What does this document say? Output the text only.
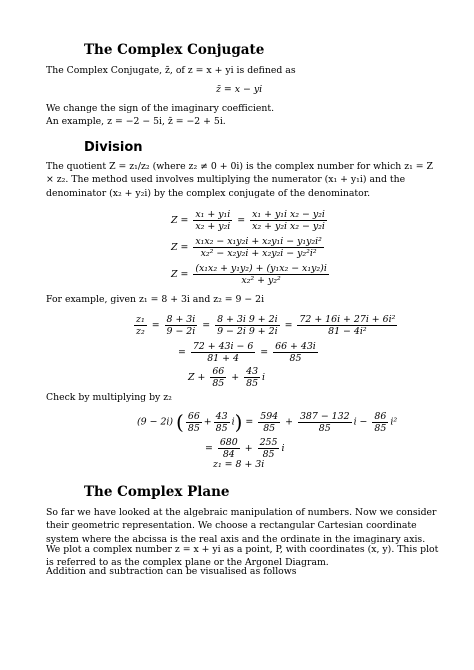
The Complex Conjugate
The Complex Conjugate, z̄, of z = x + yi is defined as
z̄ = x − yi
We change the sign of the imaginary coefficient.
An example, z = −2 − 5i, z̄ = −2 + 5i.
Division
The quotient Z = z₁/z₂ (where z₂ ≠ 0 + 0i) is the complex number for which z₁ = Z × z₂. The method used involves multiplying the numerator (x₁ + y₁i) and the denominator (x₂ + y₂i) by the complex conjugate of the denominator.
$Z = \frac{\text{x₁ + y₁i}}{\text{x₂ + y₂i}} = \frac{\text{x₁ + y₁i x₂ − y₂i}}{\text{x₂ + y₂i x₂ − y₂i}}$
$Z = \frac{\text{x₁x₂ − x₁y₂i + x₂y₁i − y₁y₂i²}}{\text{x₂² − x₂y₂i + x₂y₂i − y₂²i²}}$
$Z = \frac{\text{(x₁x₂ + y₁y₂) + (y₁x₂ − x₁y₂)i}}{\text{x₂² + y₂²}}$
For example, given z₁ = 8 + 3i and z₂ = 9 − 2i
$\frac{\text{z₁}}{\text{z₂}} = \frac{8 + 3i}{9 - 2i} = \frac{8 + 3i 9 + 2i}{9 - 2i 9 + 2i} = \frac{\text{72 + 16i + 27i + 6i²}}{\text{81 − 4i²}}$
= $\frac{72 + 43i - 6}{81 + 4} = \frac{66 + 43i}{85}$
$Z + \frac{66}{85} + \frac{43}{85}$ i
Check by multiplying by z₂
(9 − 2i) ( $\frac{66}{85} + \frac{43}{85} i) = \frac{594}{85} + \frac{387 - 132}{85}$ $i - \frac{86}{85} i^2$
= $\frac{680}{84} + \frac{255}{85}$ i
z₁ = 8 + 3i
The Complex Plane
So far we have looked at the algebraic manipulation of numbers. Now we consider their geometric representation. We choose a rectangular Cartesian coordinate system where the abcissa is the real axis and the ordinate in the imaginary axis.
We plot a complex number z = x + yi as a point, P, with coordinates (x, y). This plot is referred to as the complex plane or the Argonel Diagram.
Addition and subtraction can be visualised as follows
